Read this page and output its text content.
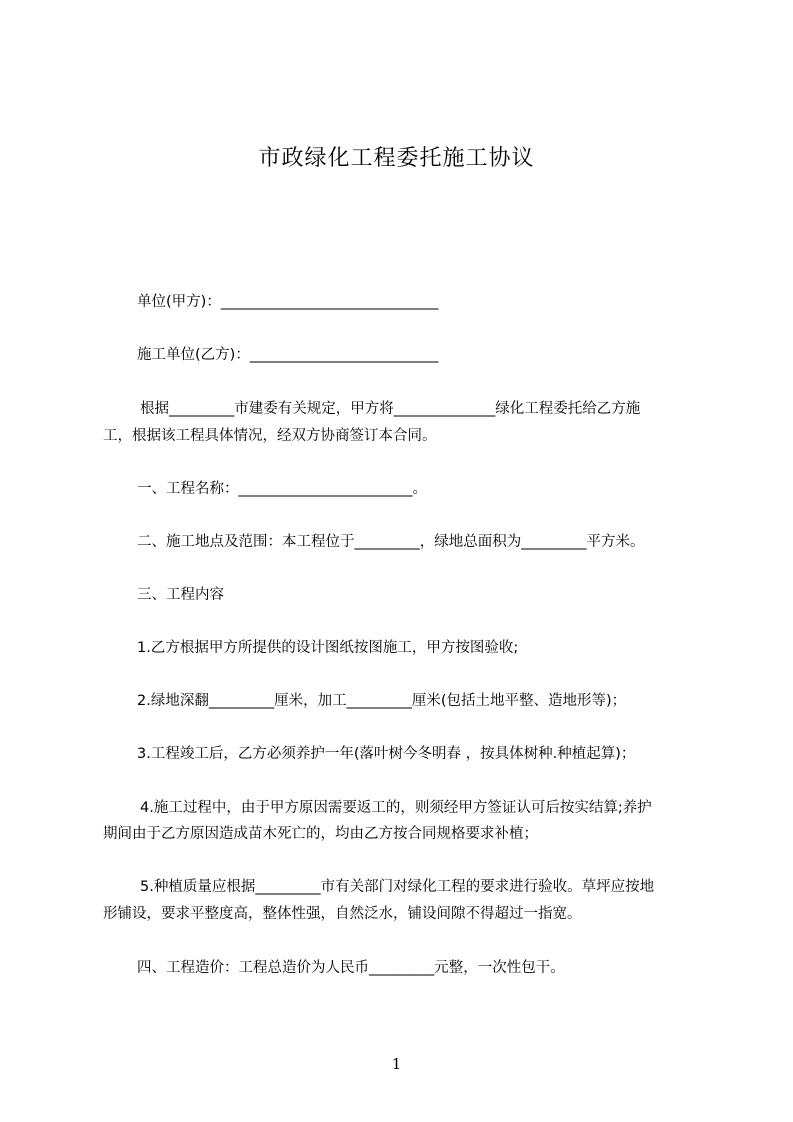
市政绿化工程委托施工协议
单位(甲方)：______________________________
施工单位(乙方)：__________________________
根据_________市建委有关规定，甲方将______________绿化工程委托给乙方施
工，根据该工程具体情况，经双方协商签订本合同。
一、工程名称：________________________。
二、施工地点及范围：本工程位于_________，绿地总面积为_________平方米。
三、工程内容
1.乙方根据甲方所提供的设计图纸按图施工，甲方按图验收;
2.绿地深翻_________厘米，加工_________厘米(包括土地平整、造地形等)；
3.工程竣工后，乙方必须养护一年(落叶树今冬明春 ，按具体树种.种植起算)；
4.施工过程中，由于甲方原因需要返工的，则须经甲方签证认可后按实结算;养护
期间由于乙方原因造成苗木死亡的，均由乙方按合同规格要求补植；
5.种植质量应根据_________市有关部门对绿化工程的要求进行验收。草坪应按地
形铺设，要求平整度高，整体性强，自然泛水，铺设间隙不得超过一指宽。
四、工程造价：工程总造价为人民币_________元整，一次性包干。
1
